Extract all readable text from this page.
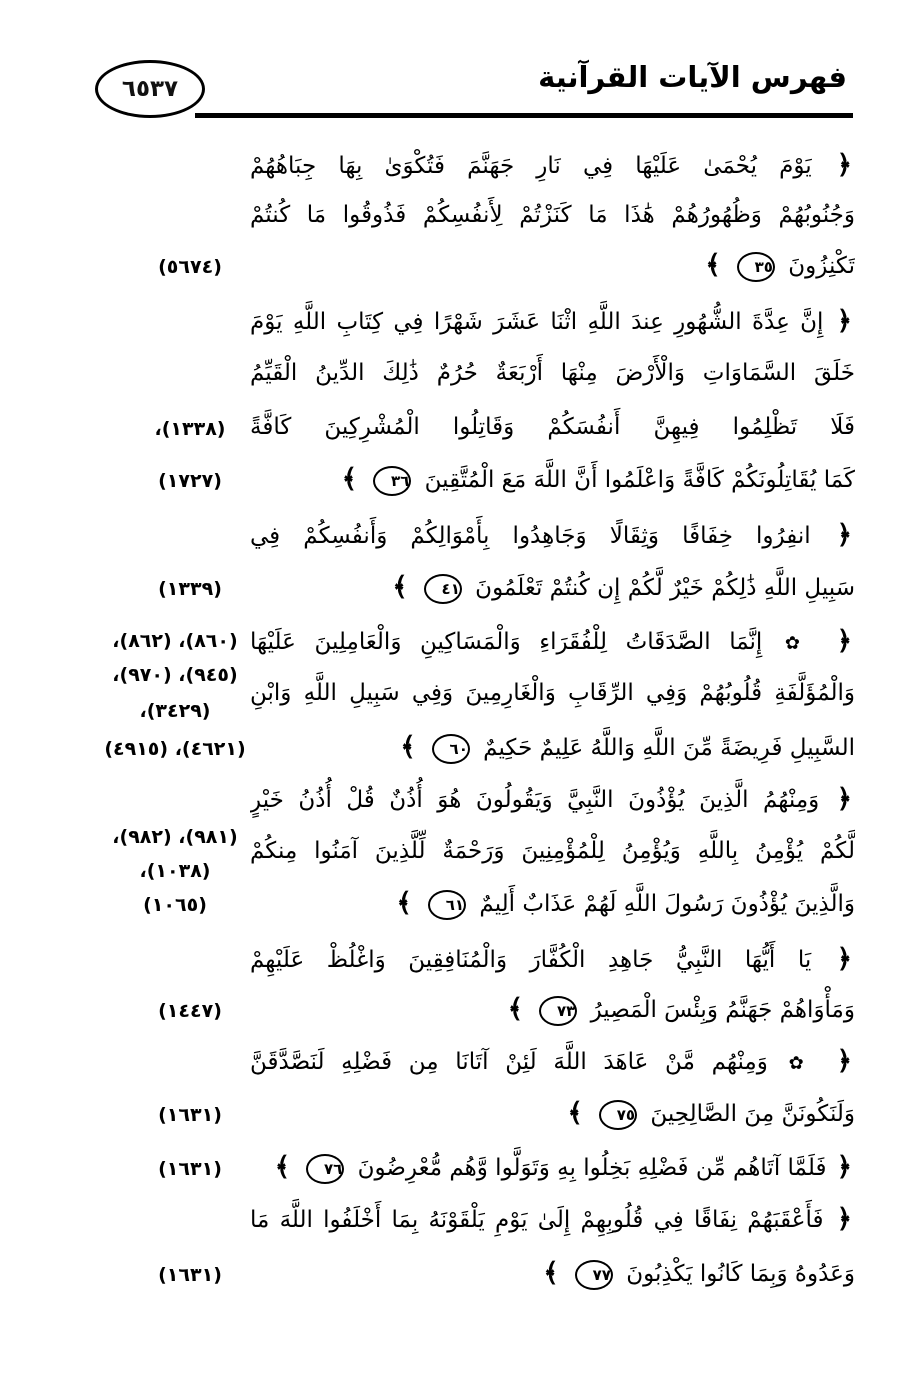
فهرس الآيات القرآنية
٦٥٣٧
﴿ يَوْمَ يُحْمَىٰ عَلَيْهَا فِي نَارِ جَهَنَّمَ فَتُكْوَىٰ بِهَا جِبَاهُهُمْ
وَجُنُوبُهُمْ وَظُهُورُهُمْ هَٰذَا مَا كَنَزْتُمْ لِأَنفُسِكُمْ فَذُوقُوا مَا كُنتُمْ
تَكْنِزُونَ ٣٥ ﴾
﴿ إِنَّ عِدَّةَ الشُّهُورِ عِندَ اللَّهِ اثْنَا عَشَرَ شَهْرًا فِي كِتَابِ اللَّهِ يَوْمَ
خَلَقَ السَّمَاوَاتِ وَالْأَرْضَ مِنْهَا أَرْبَعَةٌ حُرُمٌ ذَٰلِكَ الدِّينُ الْقَيِّمُ
فَلَا تَظْلِمُوا فِيهِنَّ أَنفُسَكُمْ وَقَاتِلُوا الْمُشْرِكِينَ كَافَّةً
كَمَا يُقَاتِلُونَكُمْ كَافَّةً وَاعْلَمُوا أَنَّ اللَّهَ مَعَ الْمُتَّقِينَ ٣٦ ﴾
﴿ انفِرُوا خِفَافًا وَثِقَالًا وَجَاهِدُوا بِأَمْوَالِكُمْ وَأَنفُسِكُمْ فِي
سَبِيلِ اللَّهِ ذَٰلِكُمْ خَيْرٌ لَّكُمْ إِن كُنتُمْ تَعْلَمُونَ ٤١ ﴾
﴿ ✿ إِنَّمَا الصَّدَقَاتُ لِلْفُقَرَاءِ وَالْمَسَاكِينِ وَالْعَامِلِينَ عَلَيْهَا
وَالْمُؤَلَّفَةِ قُلُوبُهُمْ وَفِي الرِّقَابِ وَالْغَارِمِينَ وَفِي سَبِيلِ اللَّهِ وَابْنِ
السَّبِيلِ فَرِيضَةً مِّنَ اللَّهِ وَاللَّهُ عَلِيمٌ حَكِيمٌ ٦٠ ﴾
﴿ وَمِنْهُمُ الَّذِينَ يُؤْذُونَ النَّبِيَّ وَيَقُولُونَ هُوَ أُذُنٌ قُلْ أُذُنُ خَيْرٍ
لَّكُمْ يُؤْمِنُ بِاللَّهِ وَيُؤْمِنُ لِلْمُؤْمِنِينَ وَرَحْمَةٌ لِّلَّذِينَ آمَنُوا مِنكُمْ
وَالَّذِينَ يُؤْذُونَ رَسُولَ اللَّهِ لَهُمْ عَذَابٌ أَلِيمٌ ٦١ ﴾
﴿ يَا أَيُّهَا النَّبِيُّ جَاهِدِ الْكُفَّارَ وَالْمُنَافِقِينَ وَاغْلُظْ عَلَيْهِمْ
وَمَأْوَاهُمْ جَهَنَّمُ وَبِئْسَ الْمَصِيرُ ٧٣ ﴾
﴿ ✿ وَمِنْهُم مَّنْ عَاهَدَ اللَّهَ لَئِنْ آتَانَا مِن فَضْلِهِ لَنَصَّدَّقَنَّ
وَلَنَكُونَنَّ مِنَ الصَّالِحِينَ ٧٥ ﴾
﴿ فَلَمَّا آتَاهُم مِّن فَضْلِهِ بَخِلُوا بِهِ وَتَوَلَّوا وَّهُم مُّعْرِضُونَ ٧٦ ﴾
﴿ فَأَعْقَبَهُمْ نِفَاقًا فِي قُلُوبِهِمْ إِلَىٰ يَوْمِ يَلْقَوْنَهُ بِمَا أَخْلَفُوا اللَّهَ مَا
وَعَدُوهُ وَبِمَا كَانُوا يَكْذِبُونَ ٧٧ ﴾
(٥٦٧٤)
(١٣٣٨)،
(١٧٢٧)
(١٣٣٩)
(٨٦٠)، (٨٦٢)،
(٩٤٥)، (٩٧٠)،
(٣٤٢٩)،
(٤٦٢١)، (٤٩١٥)
(٩٨١)، (٩٨٢)،
(١٠٣٨)،
(١٠٦٥)
(١٤٤٧)
(١٦٣١)
(١٦٣١)
(١٦٣١)
